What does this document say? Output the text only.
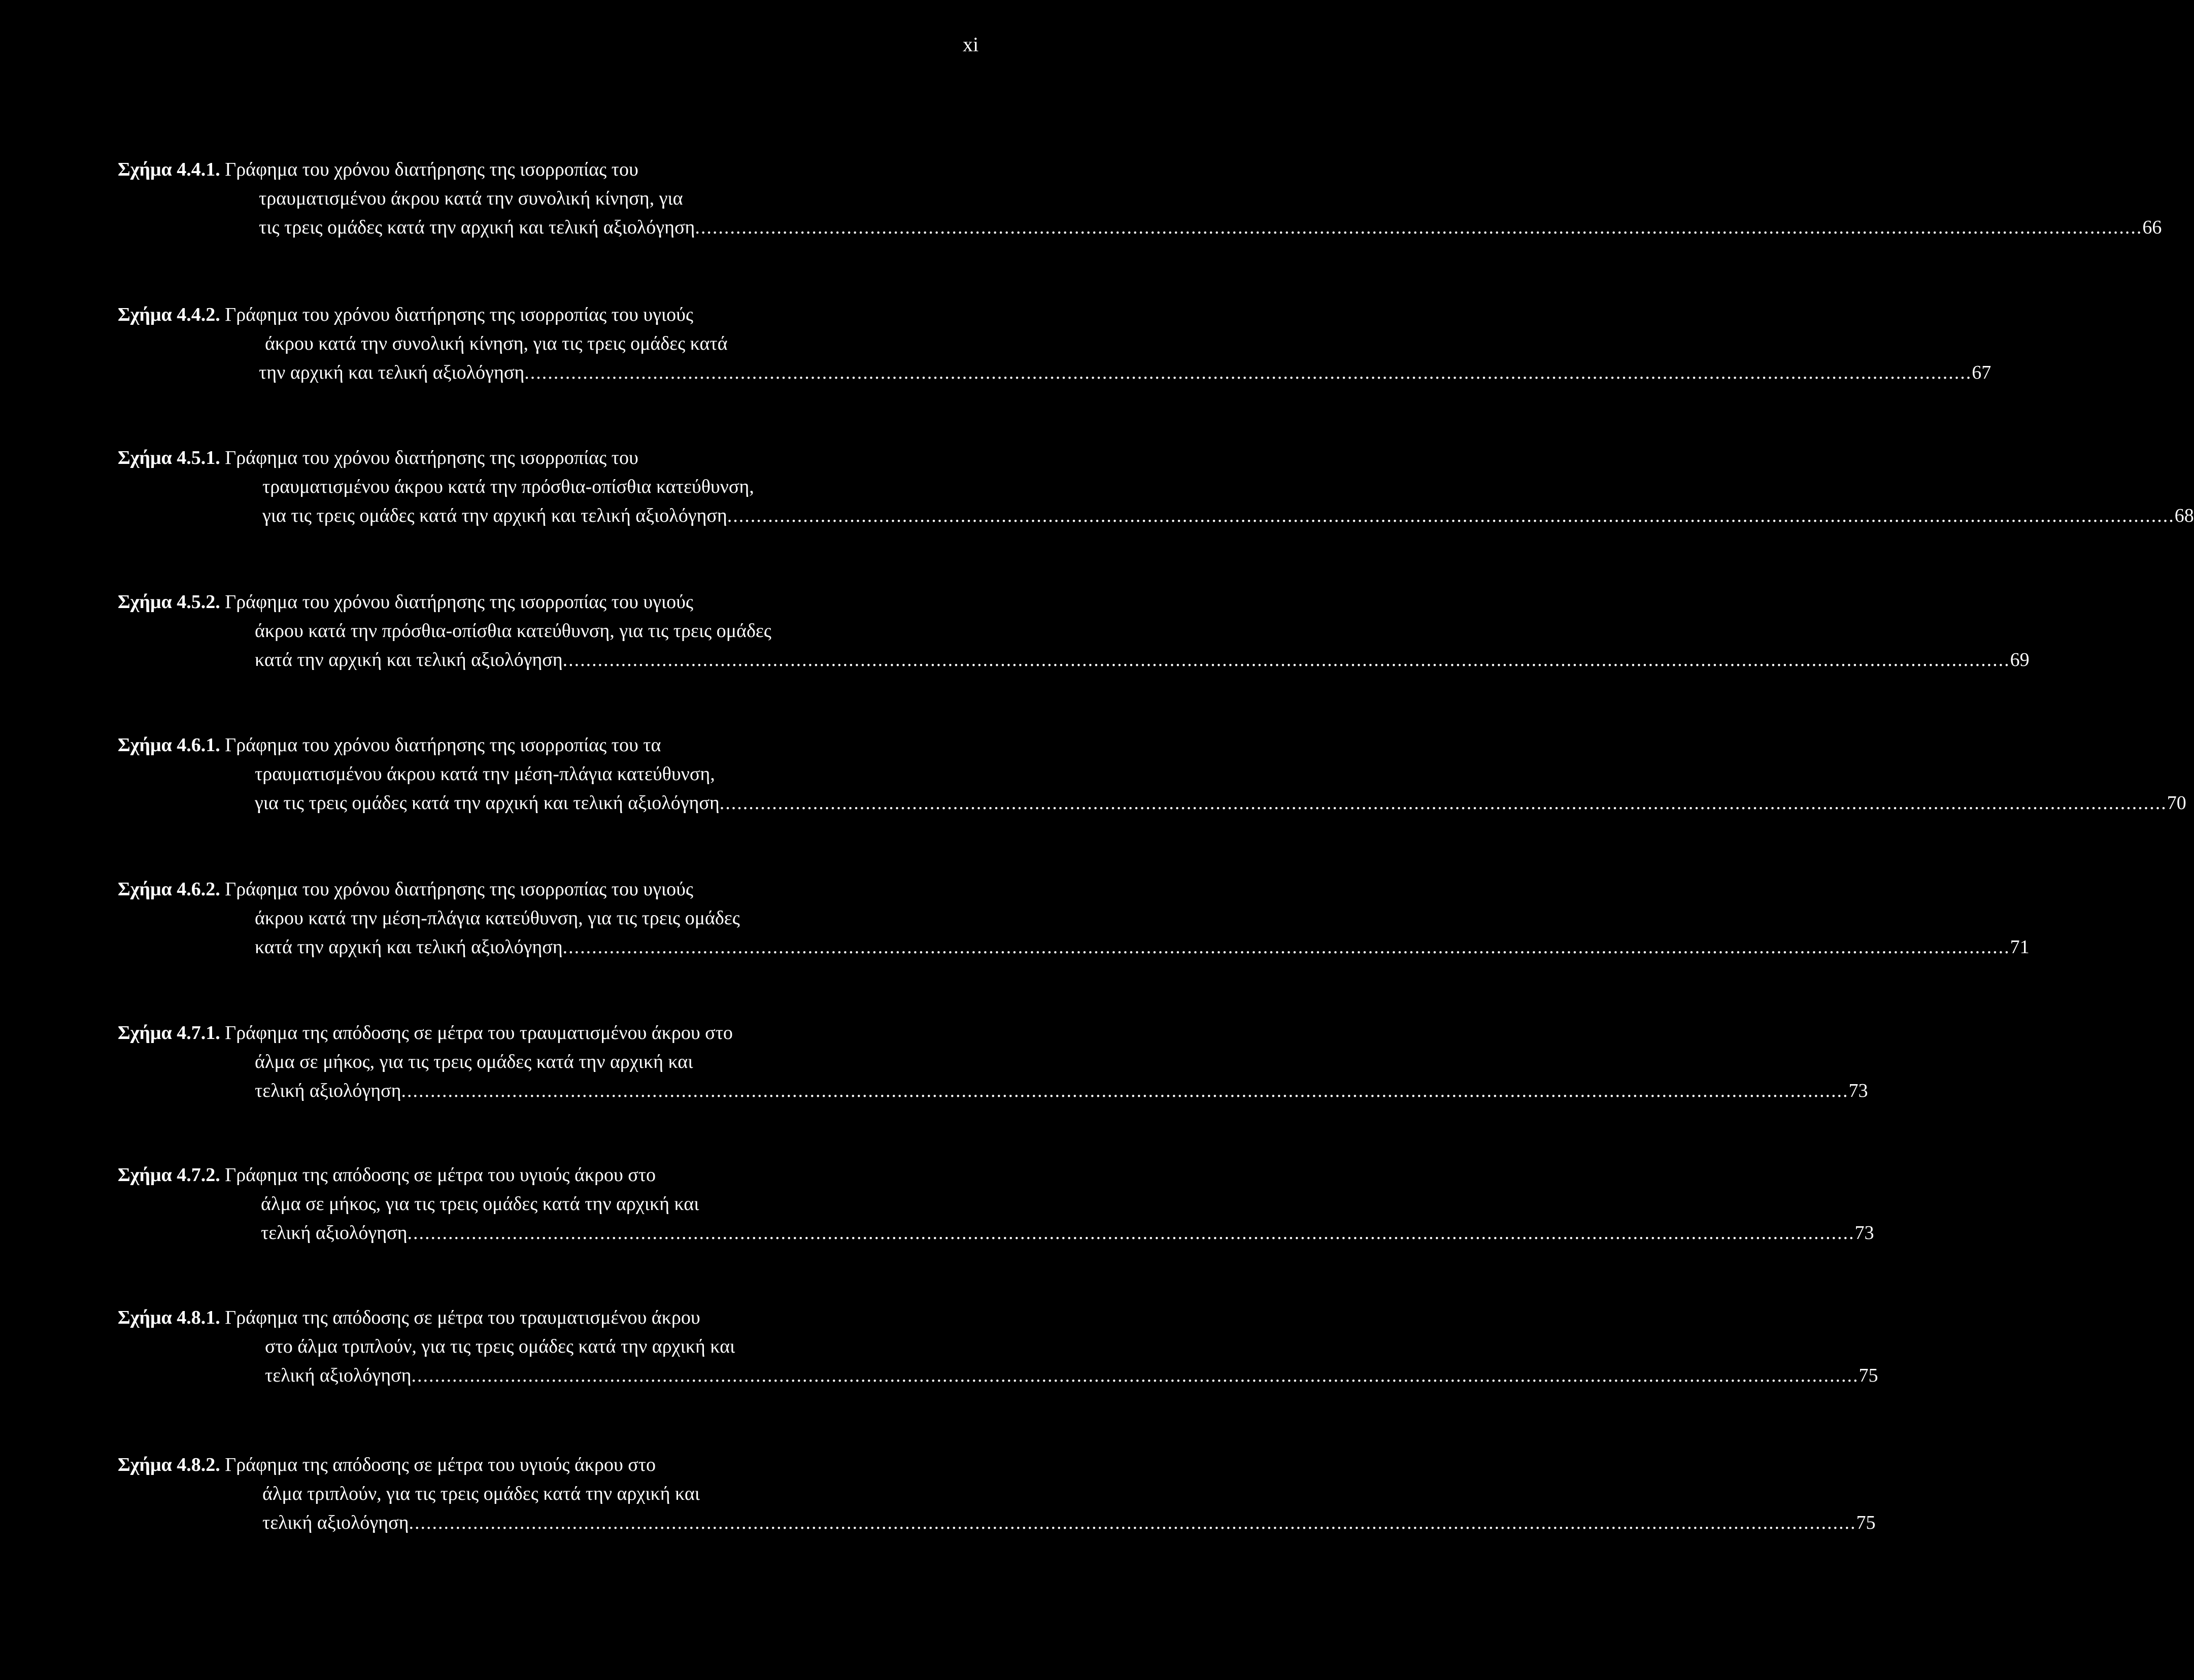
xi
Σχήμα 4.4.1. Γράφημα του χρόνου διατήρησης της ισορροπίας του
τραυματισμένου άκρου κατά την συνολική κίνηση, για
τις τρεις ομάδες κατά την αρχική και τελική αξιολόγηση .....	66
Σχήμα 4.4.2. Γράφημα του χρόνου διατήρησης της ισορροπίας του υγιούς
άκρου κατά την συνολική κίνηση, για τις τρεις ομάδες κατά
την αρχική και τελική αξιολόγηση .....	67
Σχήμα 4.5.1. Γράφημα του χρόνου διατήρησης της ισορροπίας του
τραυματισμένου άκρου κατά την πρόσθια-οπίσθια κατεύθυνση,
για τις τρεις ομάδες κατά την αρχική και τελική αξιολόγηση .....	68
Σχήμα 4.5.2. Γράφημα του χρόνου διατήρησης της ισορροπίας του υγιούς
άκρου κατά την πρόσθια-οπίσθια κατεύθυνση, για τις τρεις ομάδες
κατά την αρχική και τελική αξιολόγηση .....	69
Σχήμα 4.6.1. Γράφημα του χρόνου διατήρησης της ισορροπίας του τα
τραυματισμένου άκρου κατά την μέση-πλάγια κατεύθυνση,
για τις τρεις ομάδες κατά την αρχική και τελική αξιολόγηση .....	70
Σχήμα 4.6.2. Γράφημα του χρόνου διατήρησης της ισορροπίας του υγιούς
άκρου κατά την μέση-πλάγια κατεύθυνση, για τις τρεις ομάδες
κατά την αρχική και τελική αξιολόγηση .....	71
Σχήμα 4.7.1. Γράφημα της απόδοσης σε μέτρα του τραυματισμένου άκρου στο
άλμα σε μήκος, για τις τρεις ομάδες κατά την αρχική και
τελική αξιολόγηση .....	73
Σχήμα 4.7.2. Γράφημα της απόδοσης σε μέτρα του υγιούς άκρου στο
άλμα σε μήκος, για τις τρεις ομάδες κατά την αρχική και
τελική αξιολόγηση .....	73
Σχήμα 4.8.1. Γράφημα της απόδοσης σε μέτρα του τραυματισμένου άκρου
στο άλμα τριπλούν, για τις τρεις ομάδες κατά την αρχική και
τελική αξιολόγηση .....	75
Σχήμα 4.8.2. Γράφημα της απόδοσης σε μέτρα του υγιούς άκρου στο
άλμα τριπλούν, για τις τρεις ομάδες κατά την αρχική και
τελική αξιολόγηση .....	75
